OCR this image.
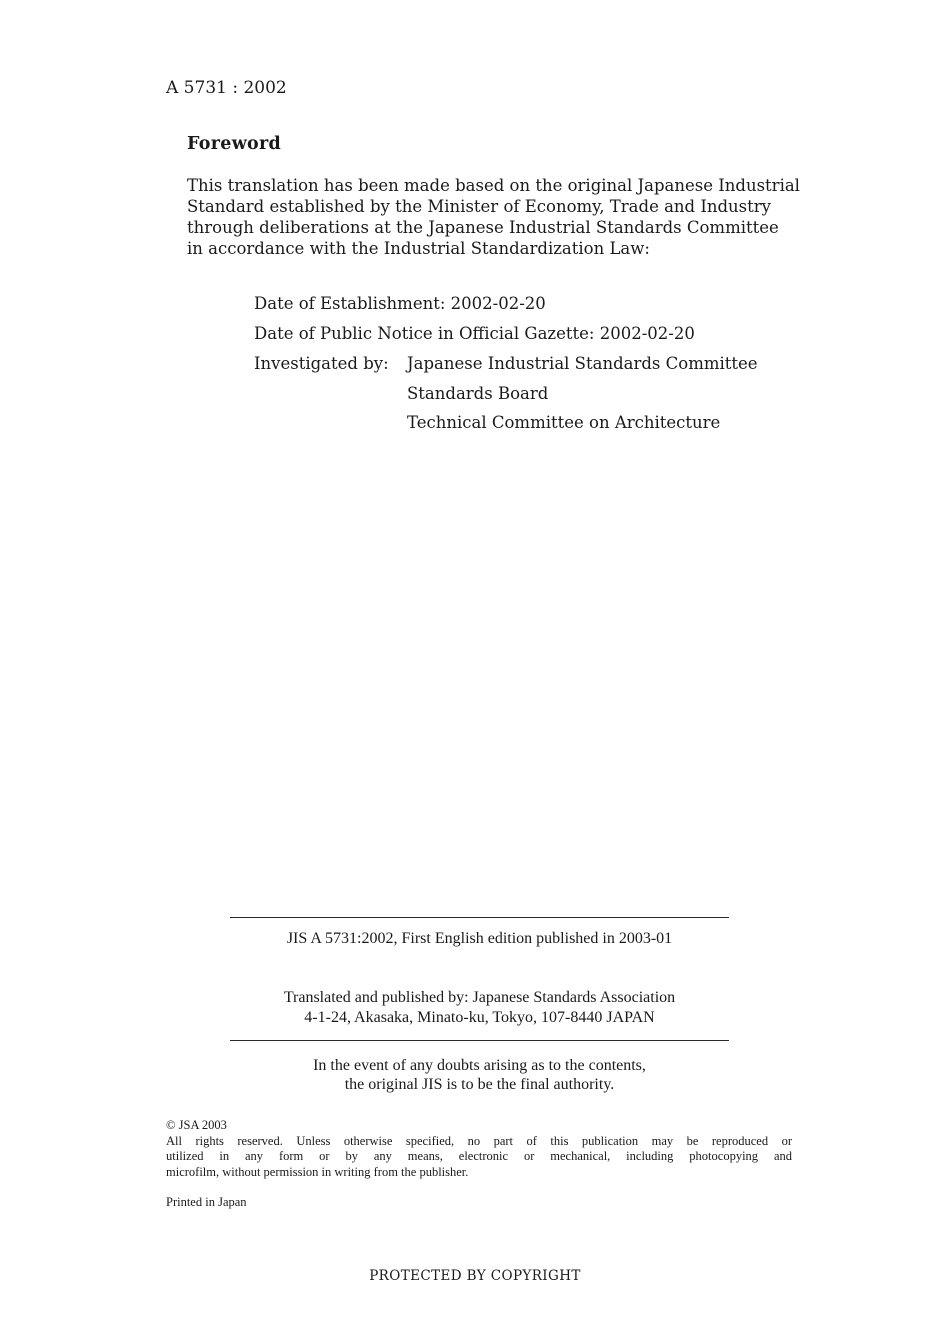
A 5731 : 2002
Foreword
This translation has been made based on the original Japanese Industrial
Standard established by the Minister of Economy, Trade and Industry
through deliberations at the Japanese Industrial Standards Committee
in accordance with the Industrial Standardization Law:
Date of Establishment: 2002-02-20
Date of Public Notice in Official Gazette: 2002-02-20
Investigated by: Japanese Industrial Standards Committee
Standards Board
Technical Committee on Architecture
JIS A 5731:2002, First English edition published in 2003-01
Translated and published by: Japanese Standards Association
4-1-24, Akasaka, Minato-ku, Tokyo, 107-8440 JAPAN
In the event of any doubts arising as to the contents,
the original JIS is to be the final authority.
© JSA 2003
All rights reserved. Unless otherwise specified, no part of this publication may be reproduced or
utilized in any form or by any means, electronic or mechanical, including photocopying and
microfilm, without permission in writing from the publisher.
Printed in Japan
PROTECTED BY COPYRIGHT
